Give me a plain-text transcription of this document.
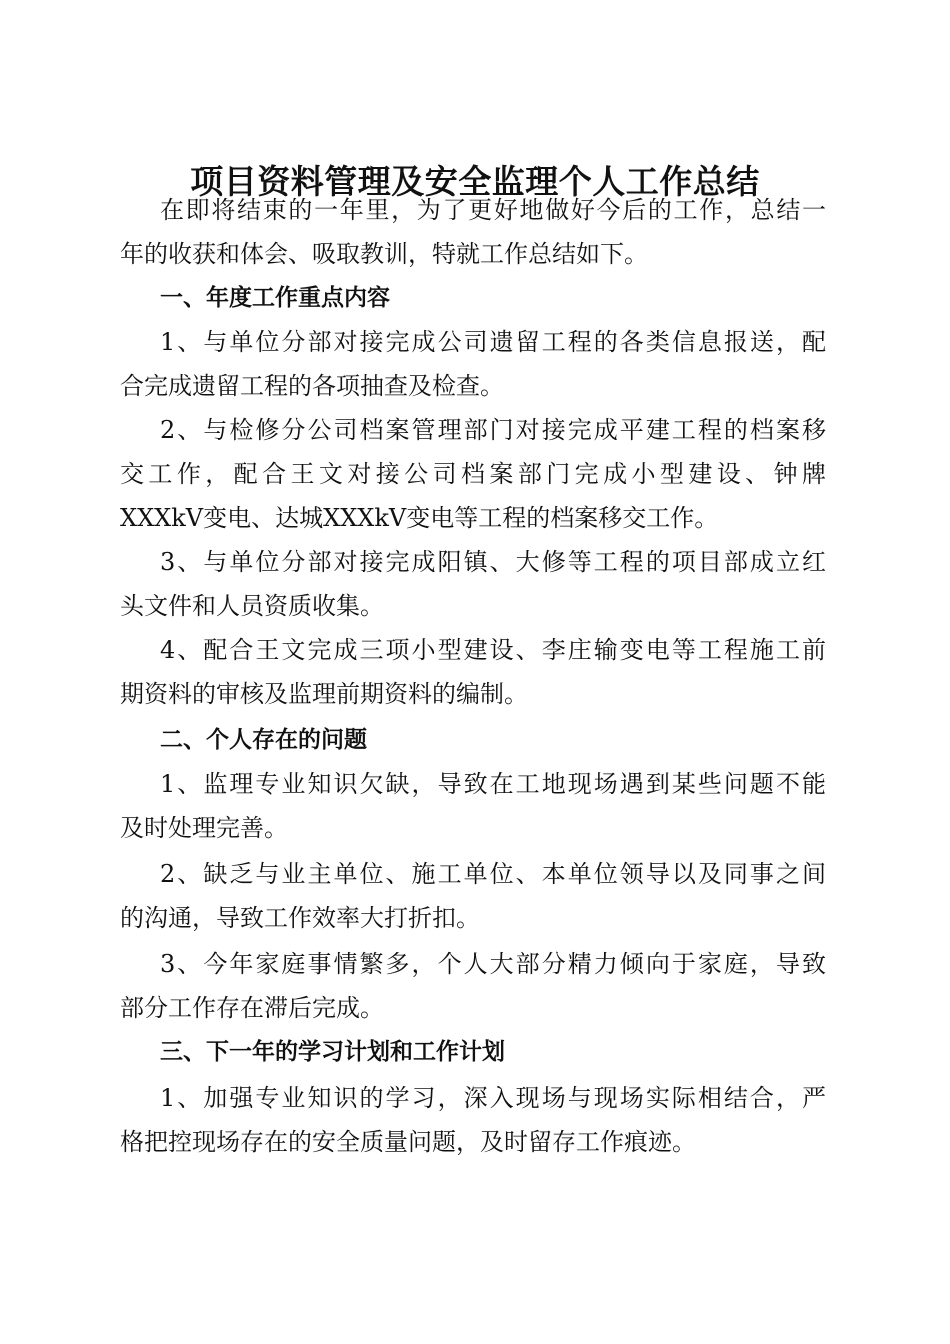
项目资料管理及安全监理个人工作总结
在即将结束的一年里，为了更好地做好今后的工作，总结一
年的收获和体会、吸取教训，特就工作总结如下。
一、年度工作重点内容
1、与单位分部对接完成公司遗留工程的各类信息报送，配
合完成遗留工程的各项抽查及检查。
2、与检修分公司档案管理部门对接完成平建工程的档案移
交工作，配合王文对接公司档案部门完成小型建设、钟牌
XXXkV变电、达城XXXkV变电等工程的档案移交工作。
3、与单位分部对接完成阳镇、大修等工程的项目部成立红
头文件和人员资质收集。
4、配合王文完成三项小型建设、李庄输变电等工程施工前
期资料的审核及监理前期资料的编制。
二、个人存在的问题
1、监理专业知识欠缺，导致在工地现场遇到某些问题不能
及时处理完善。
2、缺乏与业主单位、施工单位、本单位领导以及同事之间
的沟通，导致工作效率大打折扣。
3、今年家庭事情繁多，个人大部分精力倾向于家庭，导致
部分工作存在滞后完成。
三、下一年的学习计划和工作计划
1、加强专业知识的学习，深入现场与现场实际相结合，严
格把控现场存在的安全质量问题，及时留存工作痕迹。
